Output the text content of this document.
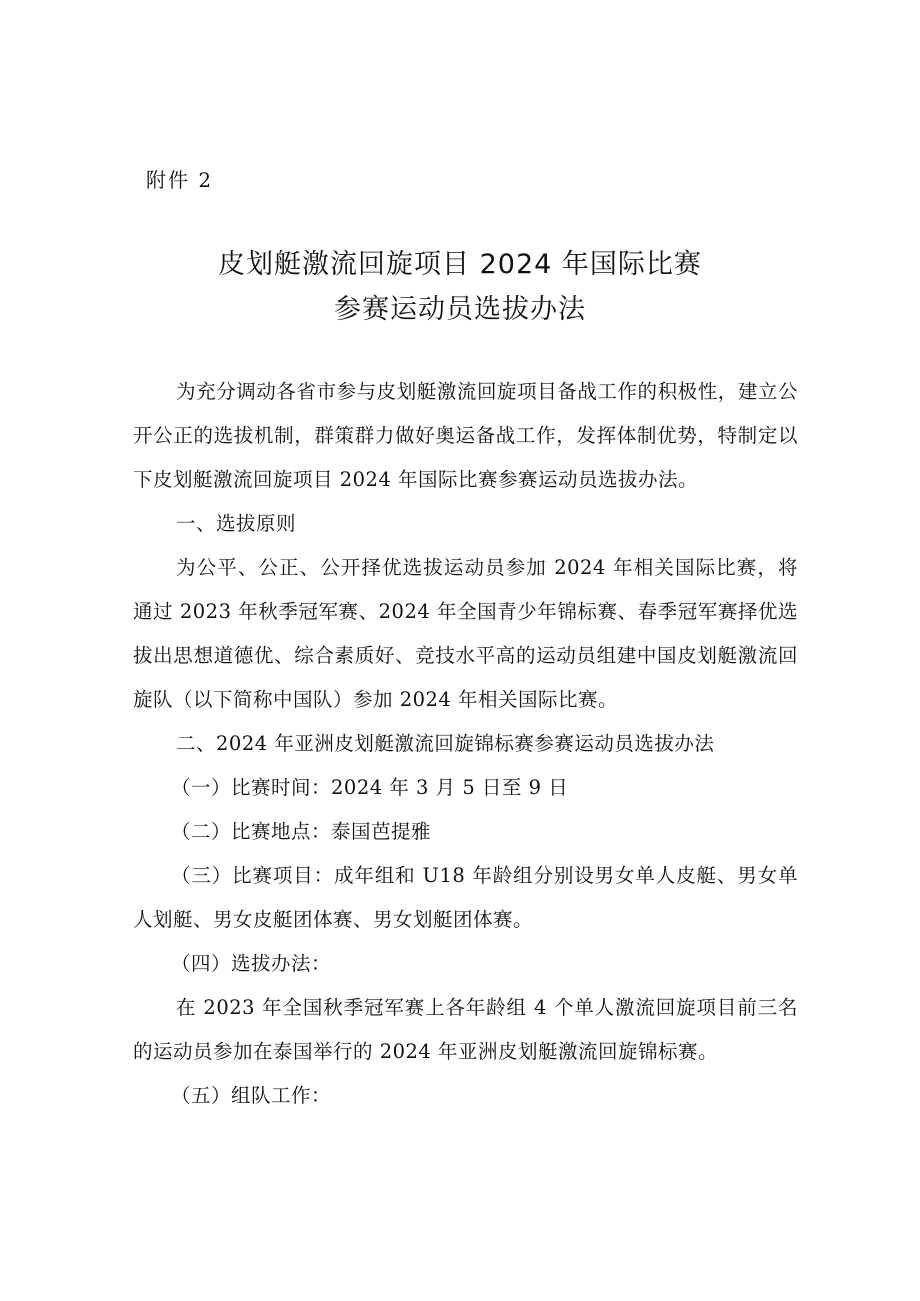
附件 2
皮划艇激流回旋项目 2024 年国际比赛
参赛运动员选拔办法

为充分调动各省市参与皮划艇激流回旋项目备战工作的积极性，建立公开公正的选拔机制，群策群力做好奥运备战工作，发挥体制优势，特制定以下皮划艇激流回旋项目 2024 年国际比赛参赛运动员选拔办法。

一、选拔原则

为公平、公正、公开择优选拔运动员参加 2024 年相关国际比赛，将通过 2023 年秋季冠军赛、2024 年全国青少年锦标赛、春季冠军赛择优选拔出思想道德优、综合素质好、竞技水平高的运动员组建中国皮划艇激流回旋队（以下简称中国队）参加 2024 年相关国际比赛。

二、2024 年亚洲皮划艇激流回旋锦标赛参赛运动员选拔办法

（一）比赛时间：2024 年 3 月 5 日至 9 日

（二）比赛地点：泰国芭提雅

（三）比赛项目：成年组和 U18 年龄组分别设男女单人皮艇、男女单人划艇、男女皮艇团体赛、男女划艇团体赛。

（四）选拔办法：

在 2023 年全国秋季冠军赛上各年龄组 4 个单人激流回旋项目前三名的运动员参加在泰国举行的 2024 年亚洲皮划艇激流回旋锦标赛。

（五）组队工作：
